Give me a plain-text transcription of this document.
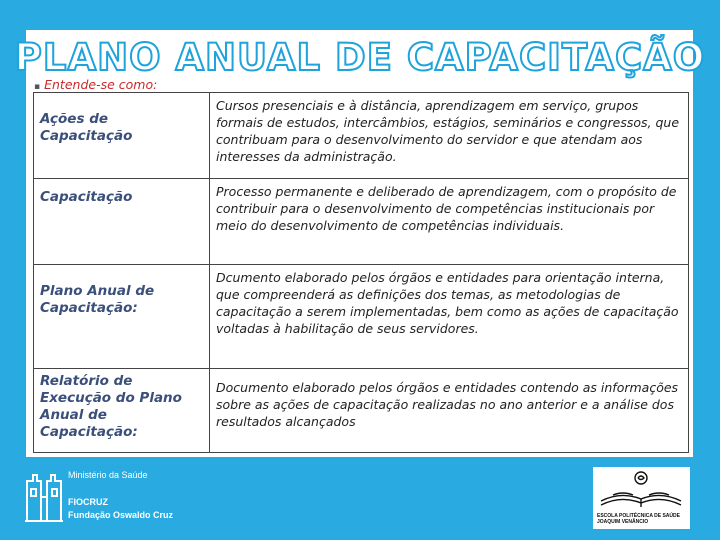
PLANO ANUAL DE CAPACITAÇÃO
▪ Entende-se como:
Ações de Capacitação	Cursos presenciais e à distância, aprendizagem em serviço, grupos formais de estudos, intercâmbios, estágios, seminários e congressos, que contribuam para o desenvolvimento do servidor e que atendam aos interesses da administração.

Capacitação	Processo permanente e deliberado de aprendizagem, com o propósito de contribuir para o desenvolvimento de competências institucionais por meio do desenvolvimento de competências individuais.

Plano Anual de Capacitação:	Dcumento elaborado pelos órgãos e entidades para orientação interna, que compreenderá as definições dos temas, as metodologias de capacitação a serem implementadas, bem como as ações de capacitação voltadas à habilitação de seus servidores.

Relatório de Execução do Plano Anual de Capacitação:	Documento elaborado pelos órgãos e entidades contendo as informações sobre as ações de capacitação realizadas no ano anterior e a análise dos resultados alcançados
Ministério da Saúde
FIOCRUZ
Fundação Oswaldo Cruz	ESCOLA POLITÉCNICA DE SAÚDE JOAQUIM VENÂNCIO
